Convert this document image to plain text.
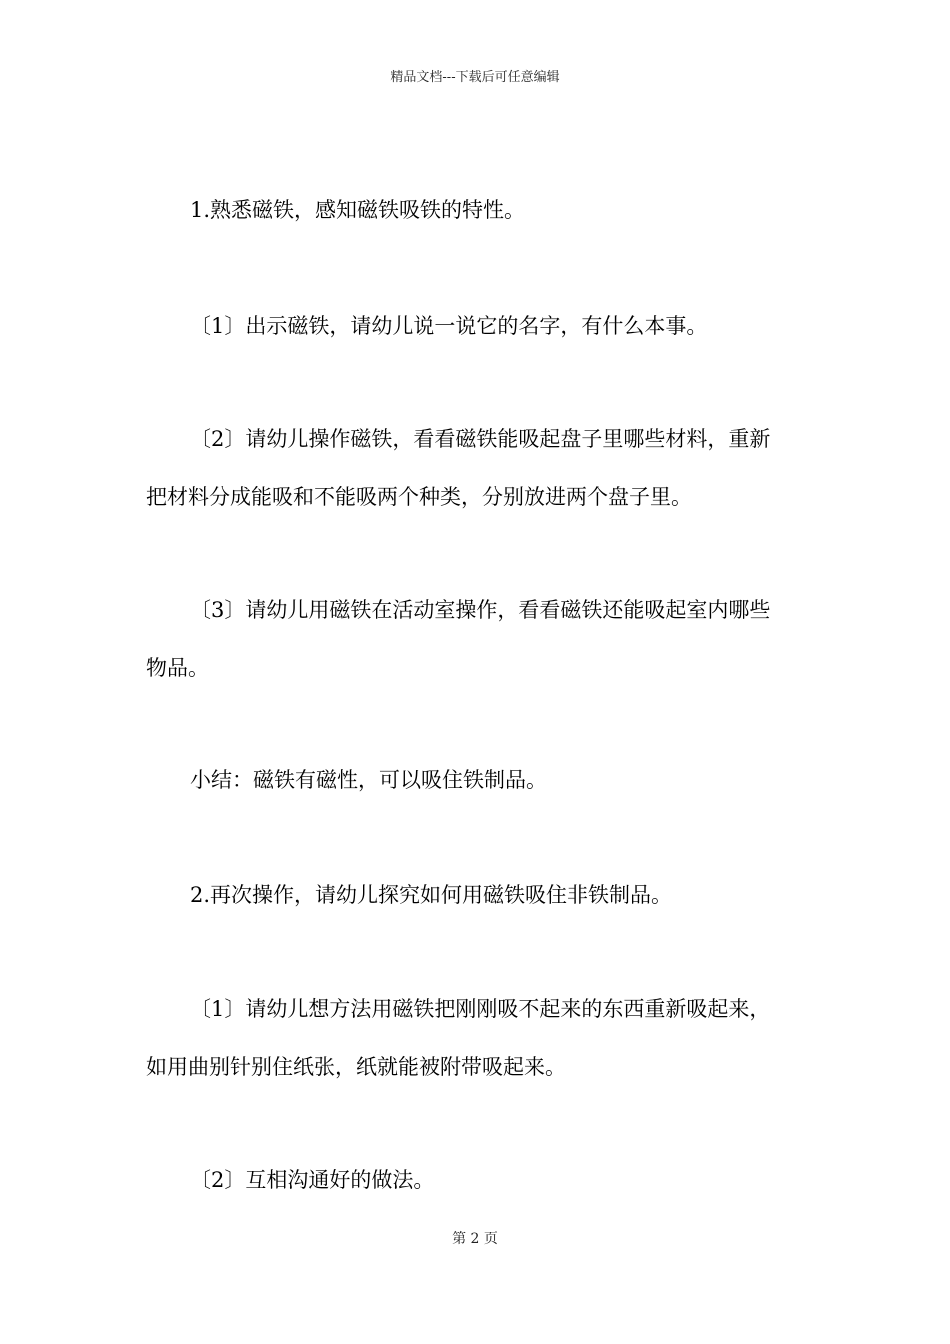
精品文档---下载后可任意编辑
1.熟悉磁铁，感知磁铁吸铁的特性。
〔1〕出示磁铁，请幼儿说一说它的名字，有什么本事。
〔2〕请幼儿操作磁铁，看看磁铁能吸起盘子里哪些材料，重新
把材料分成能吸和不能吸两个种类，分别放进两个盘子里。
〔3〕请幼儿用磁铁在活动室操作，看看磁铁还能吸起室内哪些
物品。
小结：磁铁有磁性，可以吸住铁制品。
2.再次操作，请幼儿探究如何用磁铁吸住非铁制品。
〔1〕请幼儿想方法用磁铁把刚刚吸不起来的东西重新吸起来，
如用曲别针别住纸张，纸就能被附带吸起来。
〔2〕互相沟通好的做法。
第 2 页
